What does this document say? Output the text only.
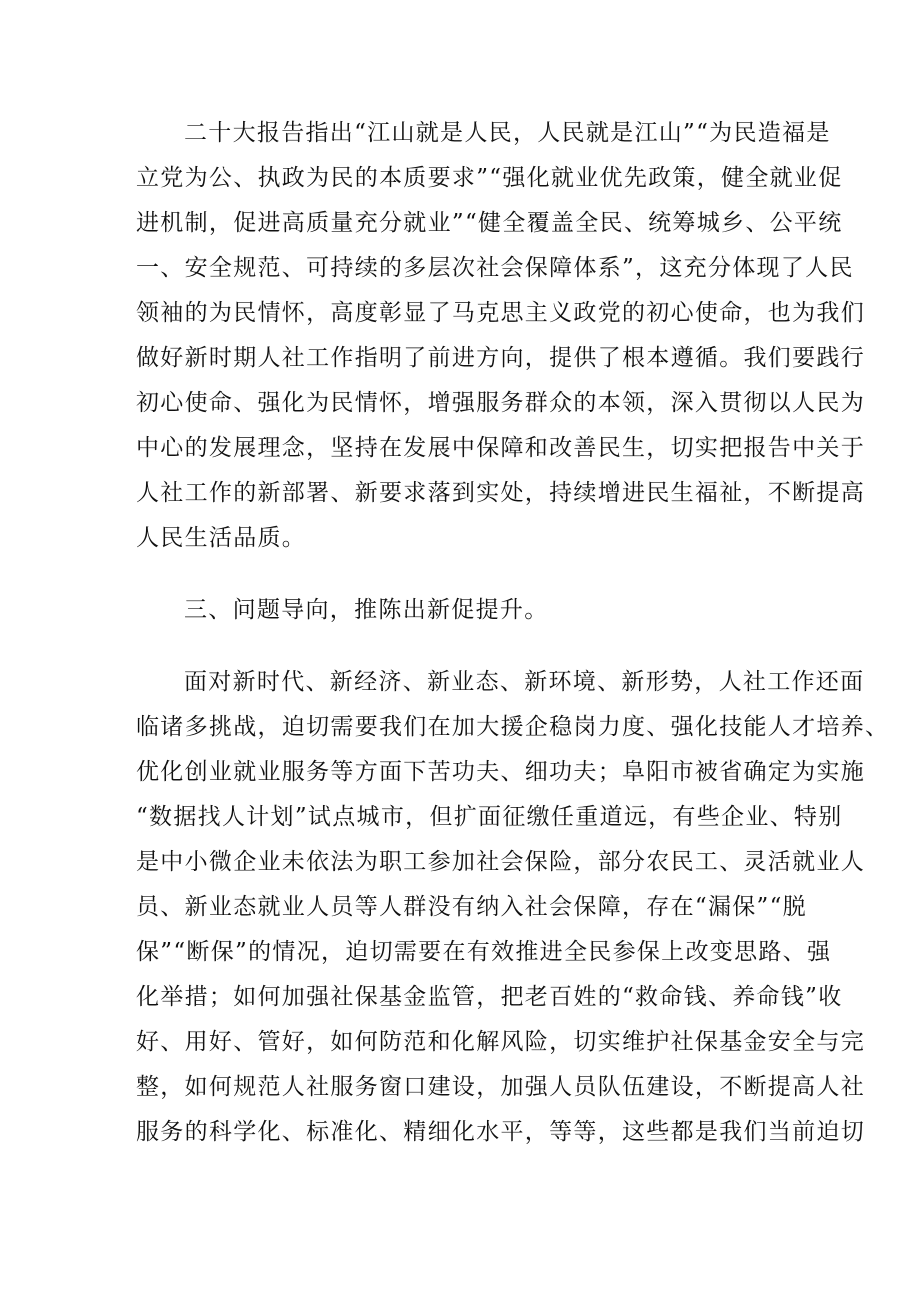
二十大报告指出“江山就是人民，人民就是江山”“为民造福是
立党为公、执政为民的本质要求”“强化就业优先政策，健全就业促
进机制，促进高质量充分就业”“健全覆盖全民、统筹城乡、公平统
一、安全规范、可持续的多层次社会保障体系”，这充分体现了人民
领袖的为民情怀，高度彰显了马克思主义政党的初心使命，也为我们
做好新时期人社工作指明了前进方向，提供了根本遵循。我们要践行
初心使命、强化为民情怀，增强服务群众的本领，深入贯彻以人民为
中心的发展理念，坚持在发展中保障和改善民生，切实把报告中关于
人社工作的新部署、新要求落到实处，持续增进民生福祉，不断提高
人民生活品质。
三、问题导向，推陈出新促提升。
面对新时代、新经济、新业态、新环境、新形势，人社工作还面
临诸多挑战，迫切需要我们在加大援企稳岗力度、强化技能人才培养、
优化创业就业服务等方面下苦功夫、细功夫；阜阳市被省确定为实施
“数据找人计划”试点城市，但扩面征缴任重道远，有些企业、特别
是中小微企业未依法为职工参加社会保险，部分农民工、灵活就业人
员、新业态就业人员等人群没有纳入社会保障，存在“漏保”“脱
保”“断保”的情况，迫切需要在有效推进全民参保上改变思路、强
化举措；如何加强社保基金监管，把老百姓的“救命钱、养命钱”收
好、用好、管好，如何防范和化解风险，切实维护社保基金安全与完
整，如何规范人社服务窗口建设，加强人员队伍建设，不断提高人社
服务的科学化、标准化、精细化水平，等等，这些都是我们当前迫切
